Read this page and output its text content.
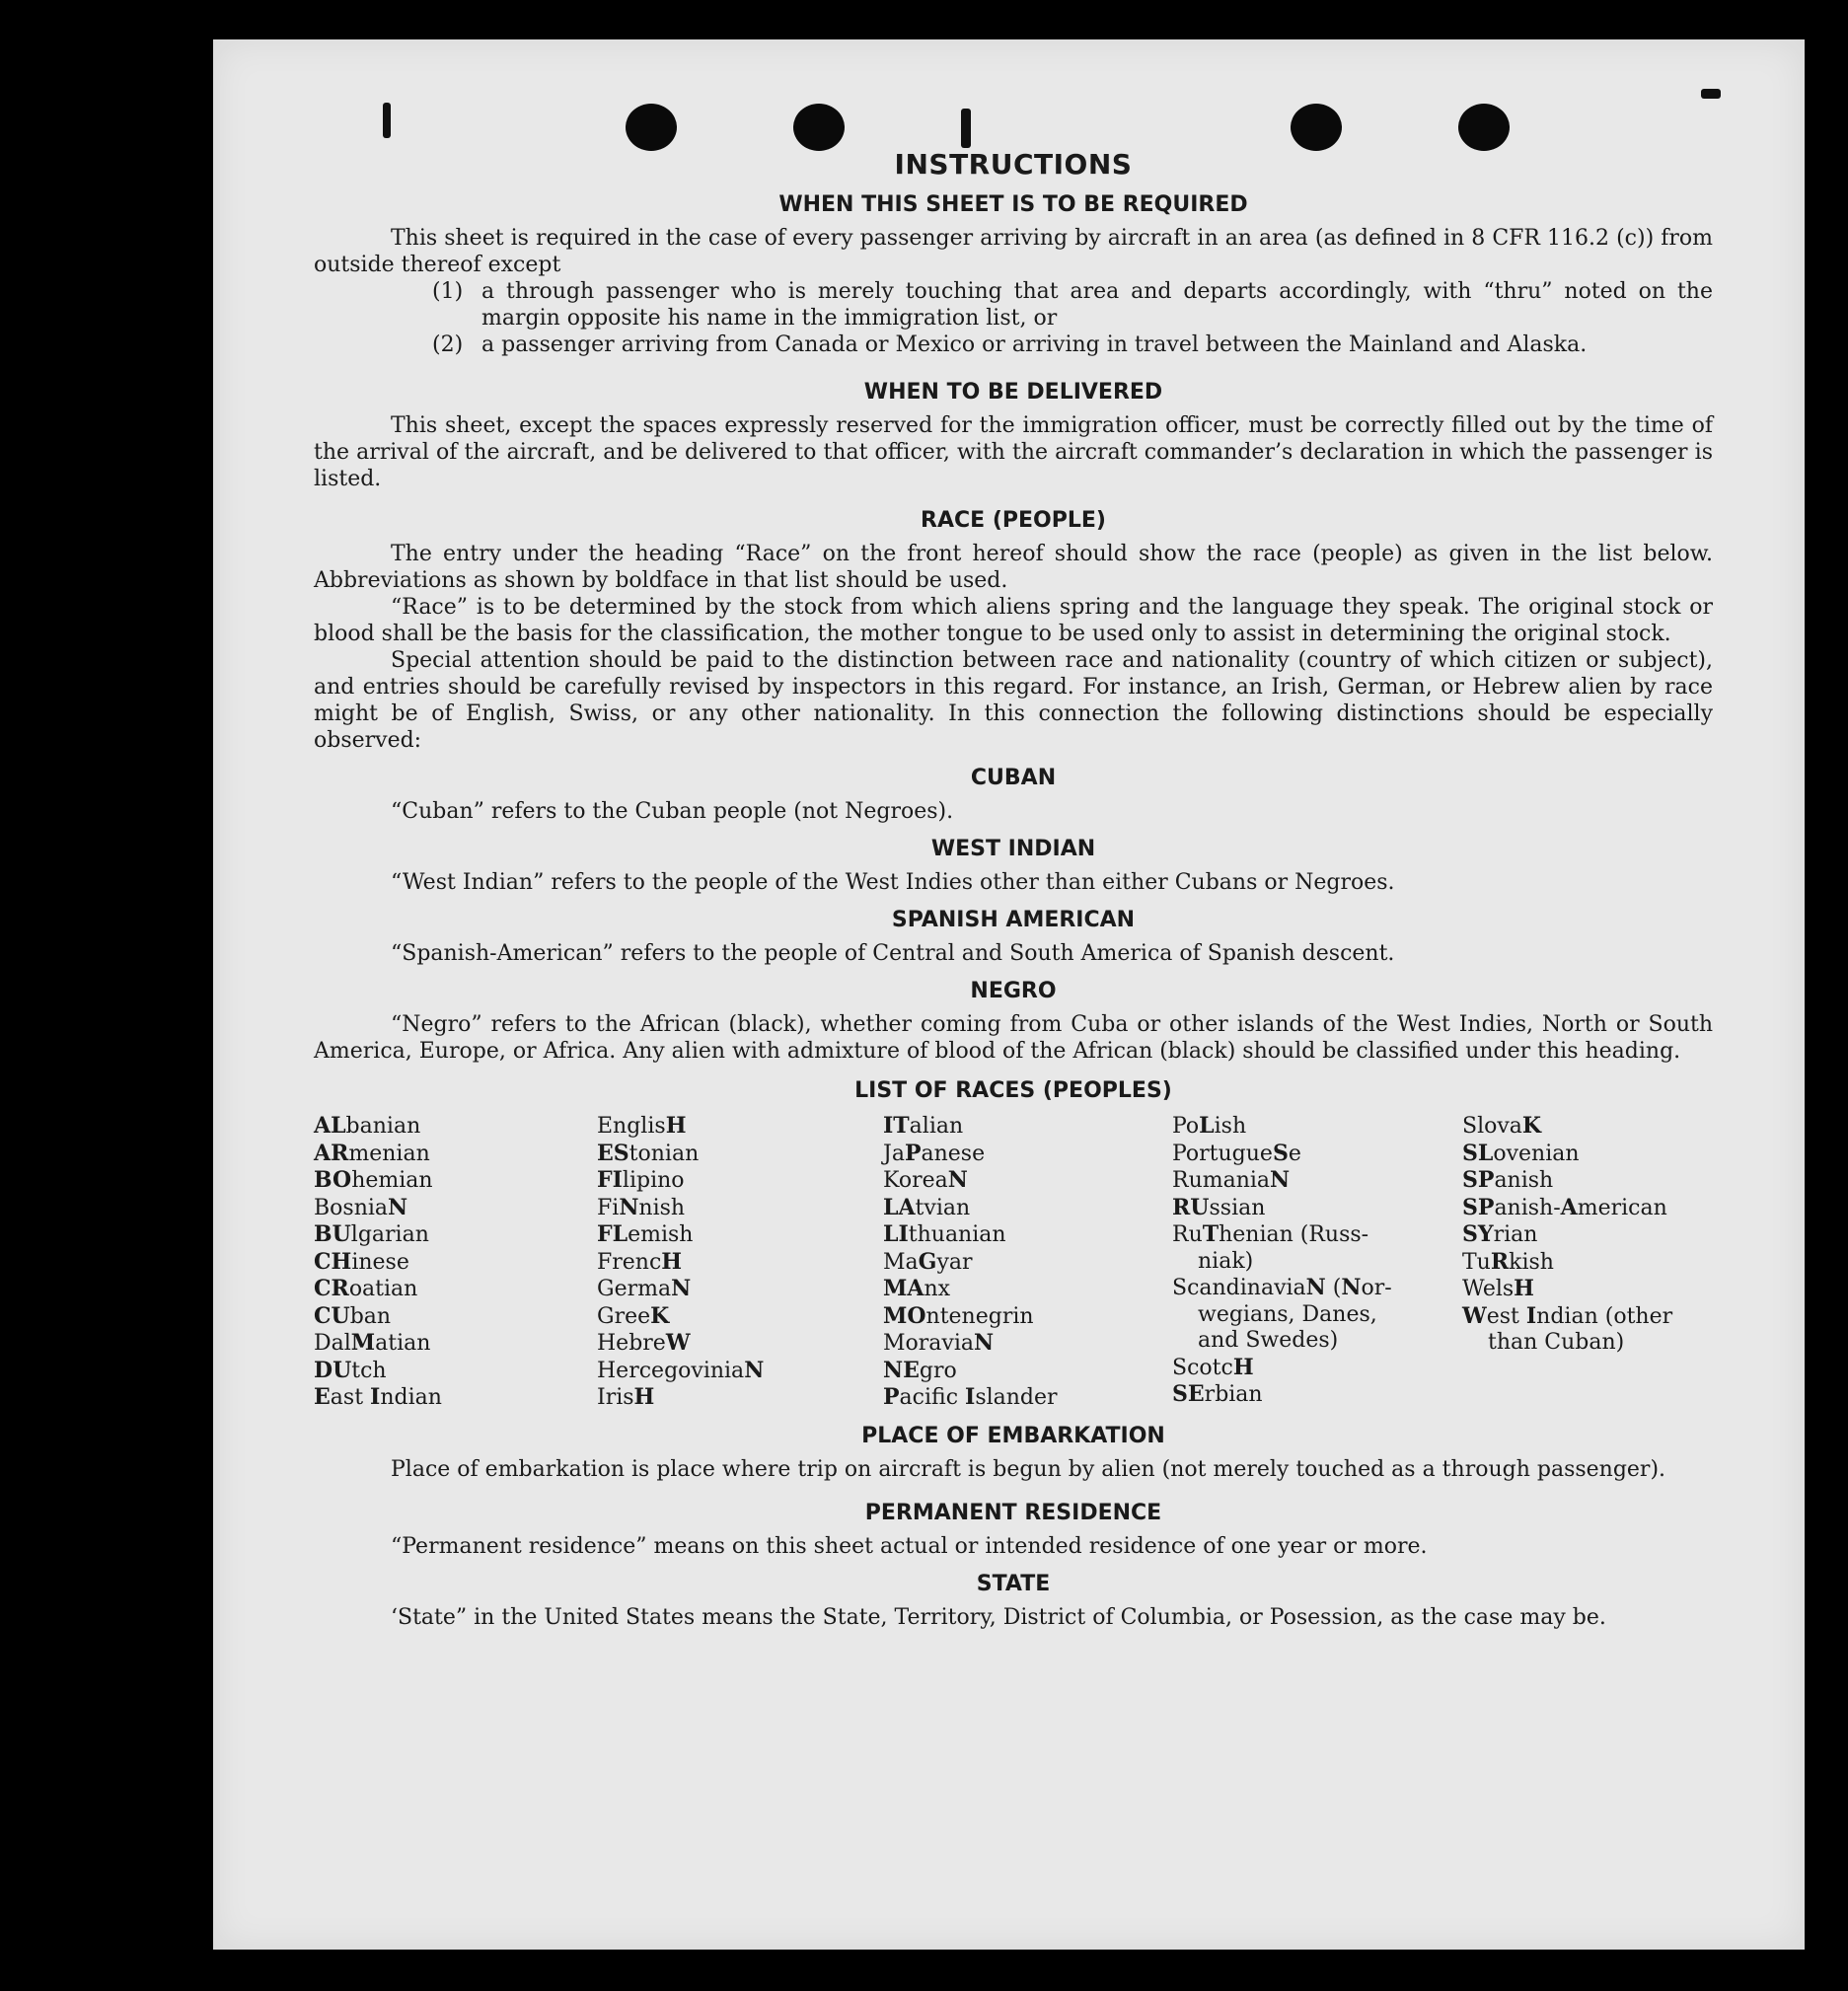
INSTRUCTIONS
WHEN THIS SHEET IS TO BE REQUIRED

This sheet is required in the case of every passenger arriving by aircraft in an area (as defined in 8 CFR 116.2 (c)) from outside thereof except

(1) a through passenger who is merely touching that area and departs accordingly, with “thru” noted on the margin opposite his name in the immigration list, or
(2) a passenger arriving from Canada or Mexico or arriving in travel between the Mainland and Alaska.
WHEN TO BE DELIVERED

This sheet, except the spaces expressly reserved for the immigration officer, must be correctly filled out by the time of the arrival of the aircraft, and be delivered to that officer, with the aircraft commander’s declaration in which the passenger is listed.

RACE (PEOPLE)

The entry under the heading “Race” on the front hereof should show the race (people) as given in the list below. Abbreviations as shown by boldface in that list should be used.

“Race” is to be determined by the stock from which aliens spring and the language they speak. The original stock or blood shall be the basis for the classification, the mother tongue to be used only to assist in determining the original stock.

Special attention should be paid to the distinction between race and nationality (country of which citizen or subject), and entries should be carefully revised by inspectors in this regard. For instance, an Irish, German, or Hebrew alien by race might be of English, Swiss, or any other nationality. In this connection the following distinctions should be especially observed:

CUBAN

“Cuban” refers to the Cuban people (not Negroes).

WEST INDIAN

“West Indian” refers to the people of the West Indies other than either Cubans or Negroes.

SPANISH AMERICAN

“Spanish-American” refers to the people of Central and South America of Spanish descent.

NEGRO

“Negro” refers to the African (black), whether coming from Cuba or other islands of the West Indies, North or South America, Europe, or Africa. Any alien with admixture of blood of the African (black) should be classified under this heading.

LIST OF RACES (PEOPLES)
ALbanian
ARmenian
BOhemian
BosniaN
BUlgarian
CHinese
CRoatian
CUban
DalMatian
DUtch
East Indian
EnglisH
EStonian
FIlipino
FiNnish
FLemish
FrencH
GermaN
GreeK
HebreW
HercegoviniaN
IrisH
ITalian
JaPanese
KoreaN
LAtvian
LIthuanian
MaGyar
MAnx
MOntenegrin
MoraviaN
NEgro
Pacific Islander
PoLish
PortugueSe
RumaniaN
RUssian
RuThenian (Russ-
niak)
ScandinaviaN (Nor-
wegians, Danes,
and Swedes)
ScotcH
SErbian
SlovaK
SLovenian
SPanish
SPanish-American
SYrian
TuRkish
WelsH
West Indian (other
than Cuban)
PLACE OF EMBARKATION

Place of embarkation is place where trip on aircraft is begun by alien (not merely touched as a through passenger).

PERMANENT RESIDENCE

“Permanent residence” means on this sheet actual or intended residence of one year or more.

STATE

‘State” in the United States means the State, Territory, District of Columbia, or Posession, as the case may be.
